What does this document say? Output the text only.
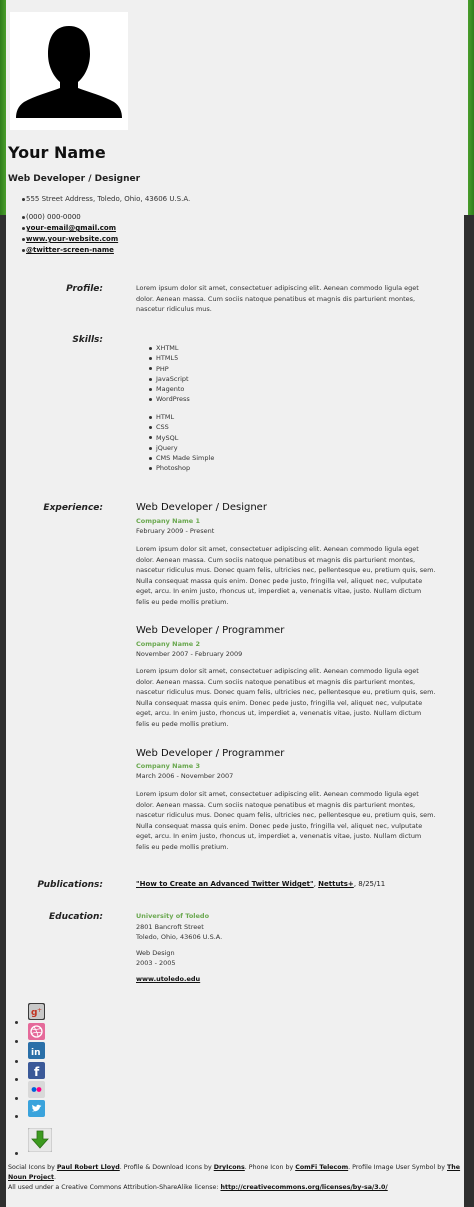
Your Name
Web Developer / Designer
555 Street Address, Toledo, Ohio, 43606 U.S.A.
(000) 000-0000
your-email@gmail.com
www.your-website.com
@twitter-screen-name
Profile:	Lorem ipsum dolor sit amet, consectetuer adipiscing elit. Aenean commodo ligula eget dolor. Aenean massa. Cum sociis natoque penatibus et magnis dis parturient montes, nascetur ridiculus mus.
Skills:
XHTML
HTML5
PHP
JavaScript
Magento
WordPress
HTML
CSS
MySQL
jQuery
CMS Made Simple
Photoshop
Experience:	Web Developer / Designer
Company Name 1
February 2009 - Present
Lorem ipsum dolor sit amet, consectetuer adipiscing elit. Aenean commodo ligula eget dolor. Aenean massa. Cum sociis natoque penatibus et magnis dis parturient montes, nascetur ridiculus mus. Donec quam felis, ultricies nec, pellentesque eu, pretium quis, sem. Nulla consequat massa quis enim. Donec pede justo, fringilla vel, aliquet nec, vulputate eget, arcu. In enim justo, rhoncus ut, imperdiet a, venenatis vitae, justo. Nullam dictum felis eu pede mollis pretium.
Web Developer / Programmer
Company Name 2
November 2007 - February 2009
Lorem ipsum dolor sit amet, consectetuer adipiscing elit. Aenean commodo ligula eget dolor. Aenean massa. Cum sociis natoque penatibus et magnis dis parturient montes, nascetur ridiculus mus. Donec quam felis, ultricies nec, pellentesque eu, pretium quis, sem. Nulla consequat massa quis enim. Donec pede justo, fringilla vel, aliquet nec, vulputate eget, arcu. In enim justo, rhoncus ut, imperdiet a, venenatis vitae, justo. Nullam dictum felis eu pede mollis pretium.
Web Developer / Programmer
Company Name 3
March 2006 - November 2007
Lorem ipsum dolor sit amet, consectetuer adipiscing elit. Aenean commodo ligula eget dolor. Aenean massa. Cum sociis natoque penatibus et magnis dis parturient montes, nascetur ridiculus mus. Donec quam felis, ultricies nec, pellentesque eu, pretium quis, sem. Nulla consequat massa quis enim. Donec pede justo, fringilla vel, aliquet nec, vulputate eget, arcu. In enim justo, rhoncus ut, imperdiet a, venenatis vitae, justo. Nullam dictum felis eu pede mollis pretium.
Publications:	"How to Create an Advanced Twitter Widget", Nettuts+, 8/25/11
Education:	University of Toledo
2801 Bancroft Street
Toledo, Ohio, 43606 U.S.A.
Web Design
2003 - 2005
www.utoledo.edu
g +
in
f
Social Icons by Paul Robert Lloyd. Profile & Download Icons by DryIcons. Phone Icon by ComFi Telecom. Profile Image User Symbol by The Noun Project.
All used under a Creative Commons Attribution-ShareAlike license: http://creativecommons.org/licenses/by-sa/3.0/
